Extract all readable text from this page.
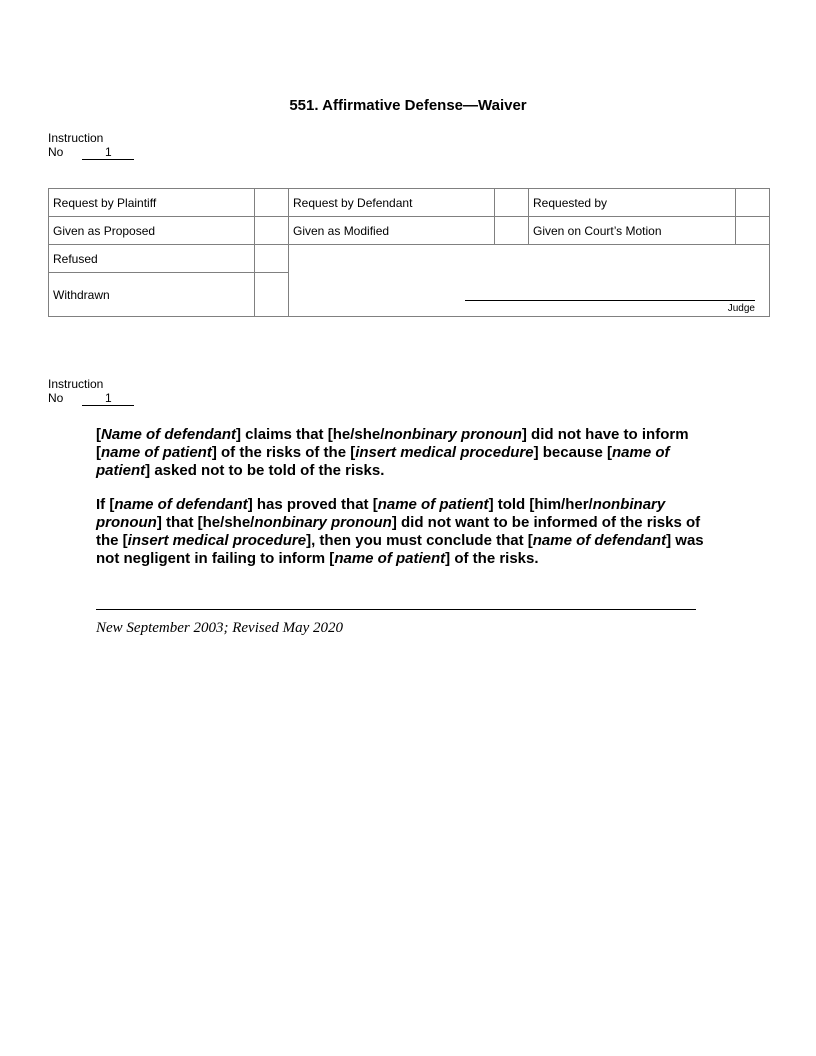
551. Affirmative Defense—Waiver
Instruction
No	1
Request by Plaintiff		Request by Defendant		Requested by	
Given as Proposed		Given as Modified		Given on Court’s Motion	
Refused		Judge			

Withdrawn					
Instruction
No	1

[Name of defendant] claims that [he/she/nonbinary pronoun] did not have to inform [name of patient] of the risks of the [insert medical procedure] because [name of patient] asked not to be told of the risks.

If [name of defendant] has proved that [name of patient] told [him/her/nonbinary pronoun] that [he/she/nonbinary pronoun] did not want to be informed of the risks of the [insert medical procedure], then you must conclude that [name of defendant] was not negligent in failing to inform [name of patient] of the risks.

New September 2003; Revised May 2020
